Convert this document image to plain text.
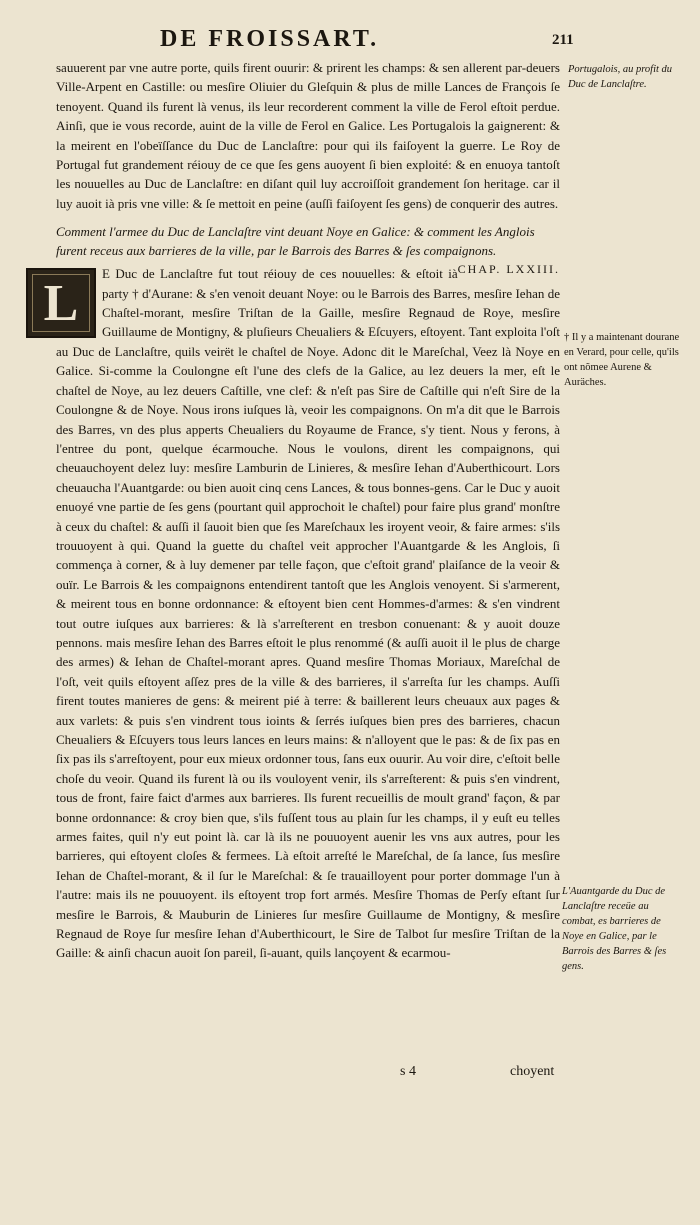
DE FROISSART.	211

sauuerent par vne autre porte, quils firent ouurir: & prirent les champs: & sen allerent par-deuers Ville-Arpent en Castille: ou mesſire Oliuier du Gleſquin & plus de mille Lances de François ſe tenoyent. Quand ils furent là venus, ils leur recorderent comment la ville de Ferol eſtoit perdue. Ainſi, que ie vous recorde, auint de la ville de Ferol en Galice. Les Portugalois la gaignerent: & la meirent en l'obeïſſance du Duc de Lanclaſtre: pour qui ils faiſoyent la guerre. Le Roy de Portugal fut grandement réiouy de ce que ſes gens auoyent ſi bien exploité: & en enuoya tantoſt les nouuelles au Duc de Lanclaſtre: en diſant quil luy accroiſſoit grandement ſon heritage. car il luy auoit ià pris vne ville: & ſe mettoit en peine (auſſi faiſoyent ſes gens) de conquerir des autres.

Comment l'armee du Duc de Lanclaſtre vint deuant Noye en Galice: & comment les Anglois furent receus aux barrieres de la ville, par le Barrois des Barres & ſes compaignons.
CHAP. LXXIII.

L
E Duc de Lanclaſtre fut tout réiouy de ces nouuelles: & eſtoit ià party † d'Aurane: & s'en venoit deuant Noye: ou le Barrois des Barres, mesſire Iehan de Chaſtel-morant, mesſire Triſtan de la Gaille, mesſire Regnaud de Roye, mesſire Guillaume de Montigny, & pluſieurs Cheualiers & Eſcuyers, eſtoyent. Tant exploita l'oſt au Duc de Lanclaſtre, quils veirët le chaſtel de Noye. Adonc dit le Mareſchal, Veez là Noye en Galice. Si-comme la Coulongne eſt l'une des clefs de la Galice, au lez deuers la mer, eſt le chaſtel de Noye, au lez deuers Caſtille, vne clef: & n'eſt pas Sire de Caſtille qui n'eſt Sire de la Coulongne & de Noye. Nous irons iuſques là, veoir les compaignons. On m'a dit que le Barrois des Barres, vn des plus apperts Cheualiers du Royaume de France, s'y tient. Nous y ferons, à l'entree du pont, quelque écarmouche. Nous le voulons, dirent les compaignons, qui cheuauchoyent delez luy: mesſire Lamburin de Linieres, & mesſire Iehan d'Auberthicourt. Lors cheuaucha l'Auantgarde: ou bien auoit cinq cens Lances, & tous bonnes-gens. Car le Duc y auoit enuoyé vne partie de ſes gens (pourtant quil approchoit le chaſtel) pour faire plus grand' monſtre à ceux du chaſtel: & auſſi il ſauoit bien que ſes Mareſchaux les iroyent veoir, & faire armes: s'ils trouuoyent à qui. Quand la guette du chaſtel veit approcher l'Auantgarde & les Anglois, ſi commença à corner, & à luy demener par telle façon, que c'eſtoit grand' plaiſance de la veoir & ouïr. Le Barrois & les compaignons entendirent tantoſt que les Anglois venoyent. Si s'armerent, & meirent tous en bonne ordonnance: & eſtoyent bien cent Hommes-d'armes: & s'en vindrent tout outre iuſques aux barrieres: & là s'arreſterent en tresbon conuenant: & y auoit douze pennons. mais mesſire Iehan des Barres eſtoit le plus renommé (& auſſi auoit il le plus de charge des armes) & Iehan de Chaſtel-morant apres. Quand mesſire Thomas Moriaux, Mareſchal de l'oſt, veit quils eſtoyent aſſez pres de la ville & des barrieres, il s'arreſta ſur les champs. Auſſi firent toutes manieres de gens: & meirent pié à terre: & baillerent leurs cheuaux aux pages & aux varlets: & puis s'en vindrent tous ioints & ſerrés iuſques bien pres des barrieres, chacun Cheualiers & Eſcuyers tous leurs lances en leurs mains: & n'alloyent que le pas: & de ſix pas en ſix pas ils s'arreſtoyent, pour eux mieux ordonner tous, ſans eux ouurir. Au voir dire, c'eſtoit belle choſe du veoir. Quand ils furent là ou ils vouloyent venir, ils s'arreſterent: & puis s'en vindrent, tous de front, faire faict d'armes aux barrieres. Ils furent recueillis de moult grand' façon, & par bonne ordonnance: & croy bien que, s'ils fuſſent tous au plain ſur les champs, il y euſt eu telles armes faites, quil n'y eut point là. car là ils ne pouuoyent auenir les vns aux autres, pour les barrieres, qui eſtoyent cloſes & fermees. Là eſtoit arreſté le Mareſchal, de ſa lance, ſus mesſire Iehan de Chaſtel-morant, & il ſur le Mareſchal: & ſe trauailloyent pour porter dommage l'un à l'autre: mais ils ne pouuoyent. ils eſtoyent trop fort armés. Mesſire Thomas de Perſy eſtant ſur mesſire le Barrois, & Mauburin de Linieres ſur mesſire Guillaume de Montigny, & mesſire Regnaud de Roye ſur mesſire Iehan d'Auberthicourt, le Sire de Talbot ſur mesſire Triſtan de la Gaille: & ainſi chacun auoit ſon pareil, ſi-auant, quils lançoyent & ecarmou-

Portugalois, au profit du Duc de Lanclaſtre.
† Il y a maintenant dourane en Verard, pour celle, qu'ils ont nõmee Aurene & Auräches.
L'Auantgarde du Duc de Lanclaſtre receüe au combat, es barrieres de Noye en Galice, par le Barrois des Barres & ſes gens.
s 4	choyent
